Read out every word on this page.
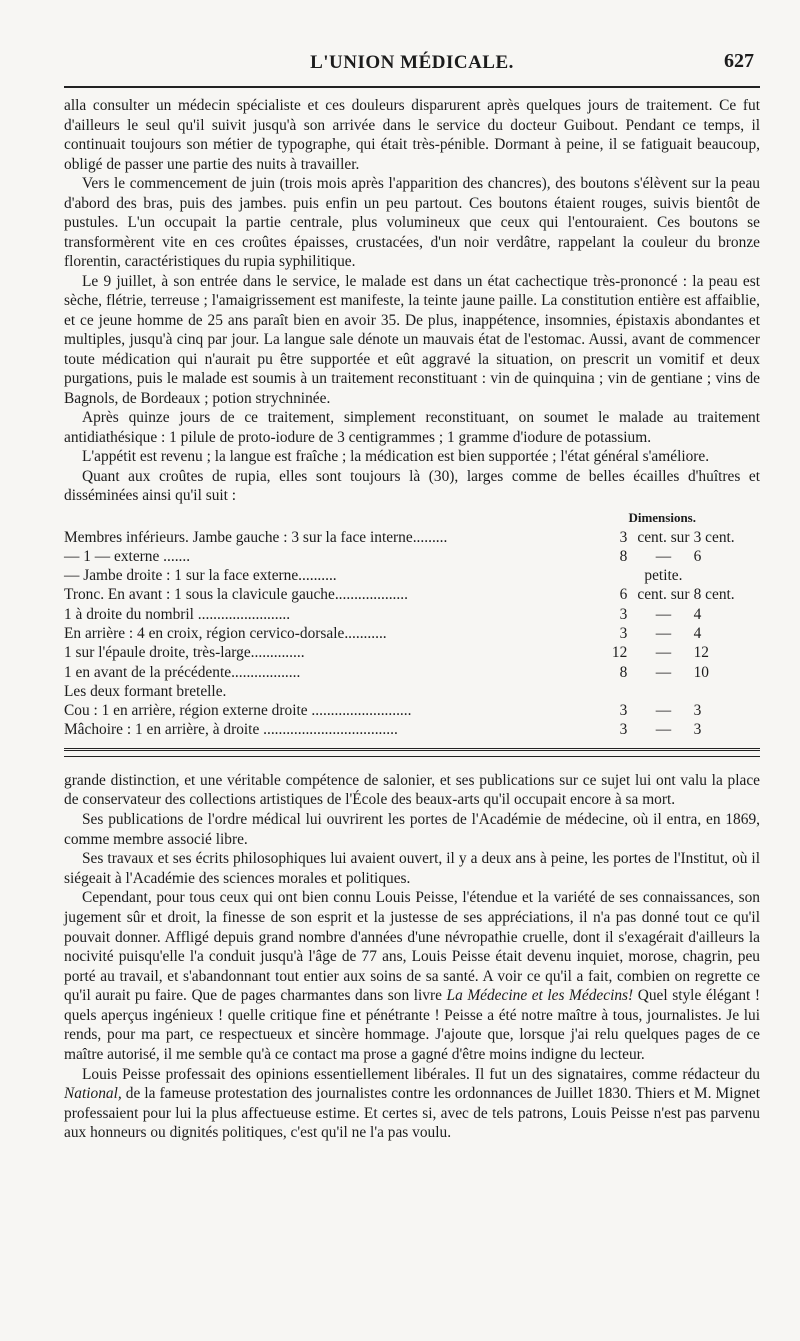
L'UNION MÉDICALE.	627

alla consulter un médecin spécialiste et ces douleurs disparurent après quelques jours de traitement. Ce fut d'ailleurs le seul qu'il suivit jusqu'à son arrivée dans le service du docteur Guibout. Pendant ce temps, il continuait toujours son métier de typographe, qui était très-pénible. Dormant à peine, il se fatiguait beaucoup, obligé de passer une partie des nuits à travailler.

Vers le commencement de juin (trois mois après l'apparition des chancres), des boutons s'élèvent sur la peau d'abord des bras, puis des jambes. puis enfin un peu partout. Ces boutons étaient rouges, suivis bientôt de pustules. L'un occupait la partie centrale, plus volumineux que ceux qui l'entouraient. Ces boutons se transformèrent vite en ces croûtes épaisses, crustacées, d'un noir verdâtre, rappelant la couleur du bronze florentin, caractéristiques du rupia syphilitique.

Le 9 juillet, à son entrée dans le service, le malade est dans un état cachectique très-prononcé : la peau est sèche, flétrie, terreuse ; l'amaigrissement est manifeste, la teinte jaune paille. La constitution entière est affaiblie, et ce jeune homme de 25 ans paraît bien en avoir 35. De plus, inappétence, insomnies, épistaxis abondantes et multiples, jusqu'à cinq par jour. La langue sale dénote un mauvais état de l'estomac. Aussi, avant de commencer toute médication qui n'aurait pu être supportée et eût aggravé la situation, on prescrit un vomitif et deux purgations, puis le malade est soumis à un traitement reconstituant : vin de quinquina ; vin de gentiane ; vins de Bagnols, de Bordeaux ; potion strychninée.

Après quinze jours de ce traitement, simplement reconstituant, on soumet le malade au traitement antidiathésique : 1 pilule de proto-iodure de 3 centigrammes ; 1 gramme d'iodure de potassium.

L'appétit est revenu ; la langue est fraîche ; la médication est bien supportée ; l'état général s'améliore.

Quant aux croûtes de rupia, elles sont toujours là (30), larges comme de belles écailles d'huîtres et disséminées ainsi qu'il suit :

Dimensions.
Membres inférieurs. Jambe gauche : 3 sur la face interne.........	3	cent. sur	3 cent.
— 1 — externe .......	8	—	6
— Jambe droite : 1 sur la face externe..........		petite.	
Tronc. En avant : 1 sous la clavicule gauche...................	6	cent. sur	8 cent.
1 à droite du nombril ........................	3	—	4
En arrière : 4 en croix, région cervico-dorsale...........	3	—	4
1 sur l'épaule droite, très-large..............	12	—	12
1 en avant de la précédente..................	8	—	10
Les deux formant bretelle.			
Cou : 1 en arrière, région externe droite ..........................	3	—	3
Mâchoire : 1 en arrière, à droite ...................................	3	—	3

grande distinction, et une véritable compétence de salonier, et ses publications sur ce sujet lui ont valu la place de conservateur des collections artistiques de l'École des beaux-arts qu'il occupait encore à sa mort.

Ses publications de l'ordre médical lui ouvrirent les portes de l'Académie de médecine, où il entra, en 1869, comme membre associé libre.

Ses travaux et ses écrits philosophiques lui avaient ouvert, il y a deux ans à peine, les portes de l'Institut, où il siégeait à l'Académie des sciences morales et politiques.

Cependant, pour tous ceux qui ont bien connu Louis Peisse, l'étendue et la variété de ses connaissances, son jugement sûr et droit, la finesse de son esprit et la justesse de ses appréciations, il n'a pas donné tout ce qu'il pouvait donner. Affligé depuis grand nombre d'années d'une névropathie cruelle, dont il s'exagérait d'ailleurs la nocivité puisqu'elle l'a conduit jusqu'à l'âge de 77 ans, Louis Peisse était devenu inquiet, morose, chagrin, peu porté au travail, et s'abandonnant tout entier aux soins de sa santé. A voir ce qu'il a fait, combien on regrette ce qu'il aurait pu faire. Que de pages charmantes dans son livre La Médecine et les Médecins! Quel style élégant ! quels aperçus ingénieux ! quelle critique fine et pénétrante ! Peisse a été notre maître à tous, journalistes. Je lui rends, pour ma part, ce respectueux et sincère hommage. J'ajoute que, lorsque j'ai relu quelques pages de ce maître autorisé, il me semble qu'à ce contact ma prose a gagné d'être moins indigne du lecteur.

Louis Peisse professait des opinions essentiellement libérales. Il fut un des signataires, comme rédacteur du National, de la fameuse protestation des journalistes contre les ordonnances de Juillet 1830. Thiers et M. Mignet professaient pour lui la plus affectueuse estime. Et certes si, avec de tels patrons, Louis Peisse n'est pas parvenu aux honneurs ou dignités politiques, c'est qu'il ne l'a pas voulu.
